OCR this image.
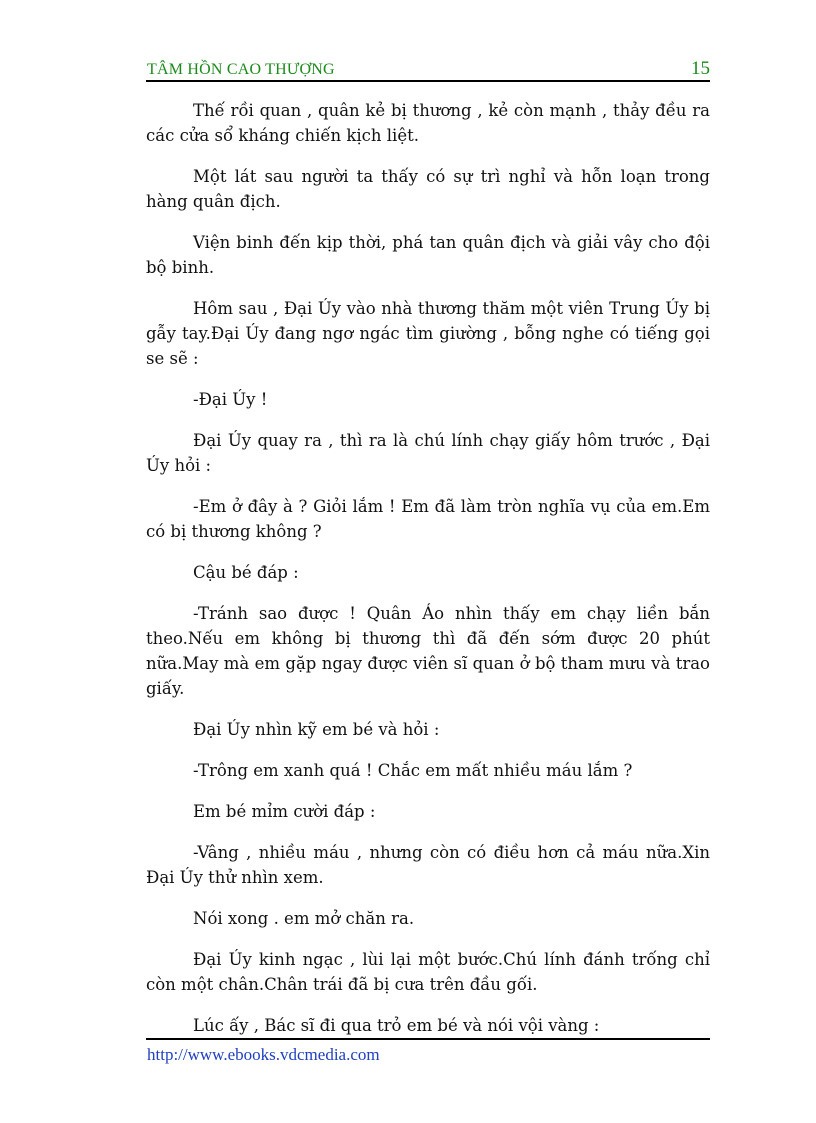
TÂM HỒN CAO THƯỢNG	15

Thế rồi quan , quân kẻ bị thương , kẻ còn mạnh , thảy đều ra các cửa sổ kháng chiến kịch liệt.

Một lát sau người ta thấy có sự trì nghỉ và hỗn loạn trong hàng quân địch.

Viện binh đến kịp thời, phá tan quân địch và giải vây cho đội bộ binh.

Hôm sau , Đại Úy vào nhà thương thăm một viên Trung Úy bị gẫy tay.Đại Úy đang ngơ ngác tìm giường , bỗng nghe có tiếng gọi se sẽ :

-Đại Úy !

Đại Úy quay ra , thì ra là chú lính chạy giấy hôm trước , Đại Úy hỏi :

-Em ở đây à ? Giỏi lắm ! Em đã làm tròn nghĩa vụ của em.Em có bị thương không ?

Cậu bé đáp :

-Tránh sao được ! Quân Áo nhìn thấy em chạy liền bắn theo.Nếu em không bị thương thì đã đến sớm được 20 phút nữa.May mà em gặp ngay được viên sĩ quan ở bộ tham mưu và trao giấy.

Đại Úy nhìn kỹ em bé và hỏi :

-Trông em xanh quá ! Chắc em mất nhiều máu lắm ?

Em bé mỉm cười đáp :

-Vâng , nhiều máu , nhưng còn có điều hơn cả máu nữa.Xin Đại Úy thử nhìn xem.

Nói xong . em mở chăn ra.

Đại Úy kinh ngạc , lùi lại một bước.Chú lính đánh trống chỉ còn một chân.Chân trái đã bị cưa trên đầu gối.

Lúc ấy , Bác sĩ đi qua trỏ em bé và nói vội vàng :

http://www.ebooks.vdcmedia.com
